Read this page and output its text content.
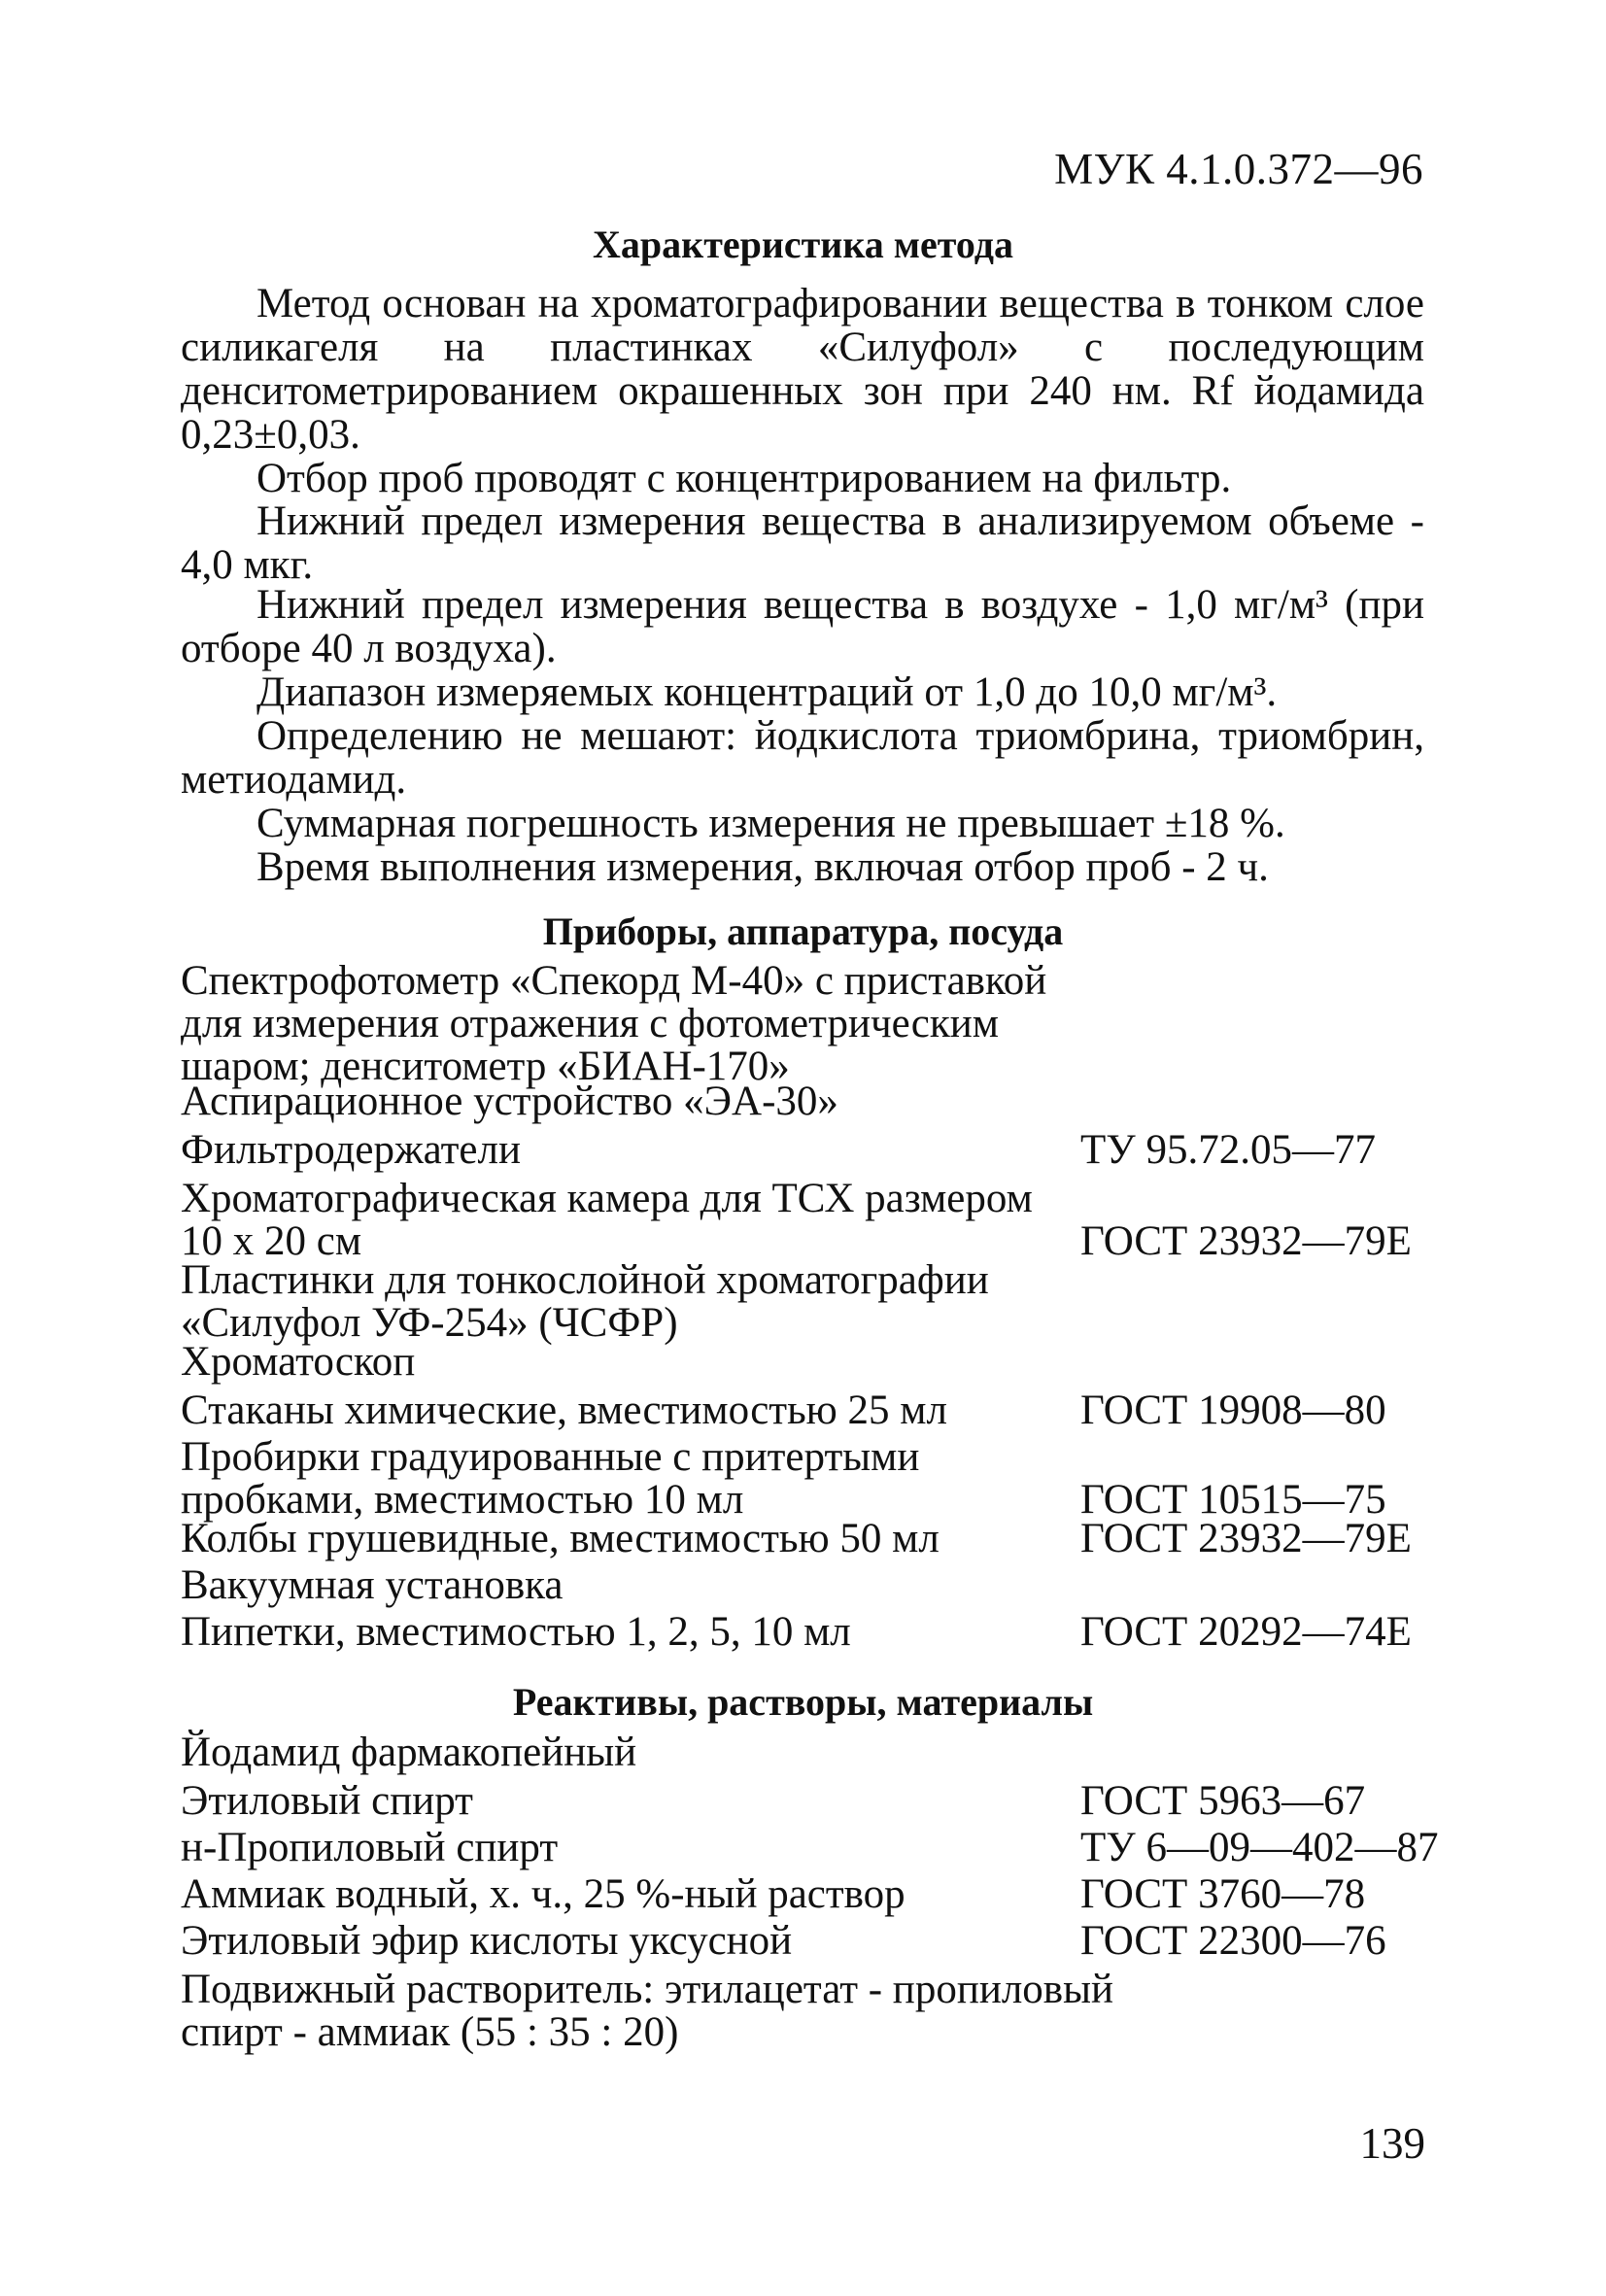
МУК 4.1.0.372—96
Характеристика метода
Метод основан на хроматографировании вещества в тонком слое силикагеля на пластинках «Силуфол» с последующим денситометрированием окрашенных зон при 240 нм. Rf йодамида 0,23±0,03.
Отбор проб проводят с концентрированием на фильтр.
Нижний предел измерения вещества в анализируемом объеме - 4,0 мкг.
Нижний предел измерения вещества в воздухе - 1,0 мг/м³ (при отборе 40 л воздуха).
Диапазон измеряемых концентраций от 1,0 до 10,0 мг/м³.
Определению не мешают: йодкислота триомбрина, триомбрин, метиодамид.
Суммарная погрешность измерения не превышает ±18 %.
Время выполнения измерения, включая отбор проб - 2 ч.
Приборы, аппаратура, посуда
Спектрофотометр «Спекорд М-40» с приставкой для измерения отражения с фотометрическим шаром; денситометр «БИАН-170»
Аспирационное устройство «ЭА-30»
Фильтродержатели	ТУ 95.72.05—77
Хроматографическая камера для ТСХ размером 10 х 20 см	ГОСТ 23932—79Е
Пластинки для тонкослойной хроматографии «Силуфол УФ-254» (ЧСФР)
Хроматоскоп
Стаканы химические, вместимостью 25 мл	ГОСТ 19908—80
Пробирки градуированные с притертыми пробками, вместимостью 10 мл	ГОСТ 10515—75
Колбы грушевидные, вместимостью 50 мл	ГОСТ 23932—79Е
Вакуумная установка
Пипетки, вместимостью 1, 2, 5, 10 мл	ГОСТ 20292—74Е
Реактивы, растворы, материалы
Йодамид фармакопейный
Этиловый спирт	ГОСТ 5963—67
н-Пропиловый спирт	ТУ 6—09—402—87
Аммиак водный, х. ч., 25 %-ный раствор	ГОСТ 3760—78
Этиловый эфир кислоты уксусной	ГОСТ 22300—76
Подвижный растворитель: этилацетат - пропиловый спирт - аммиак (55 : 35 : 20)
139
